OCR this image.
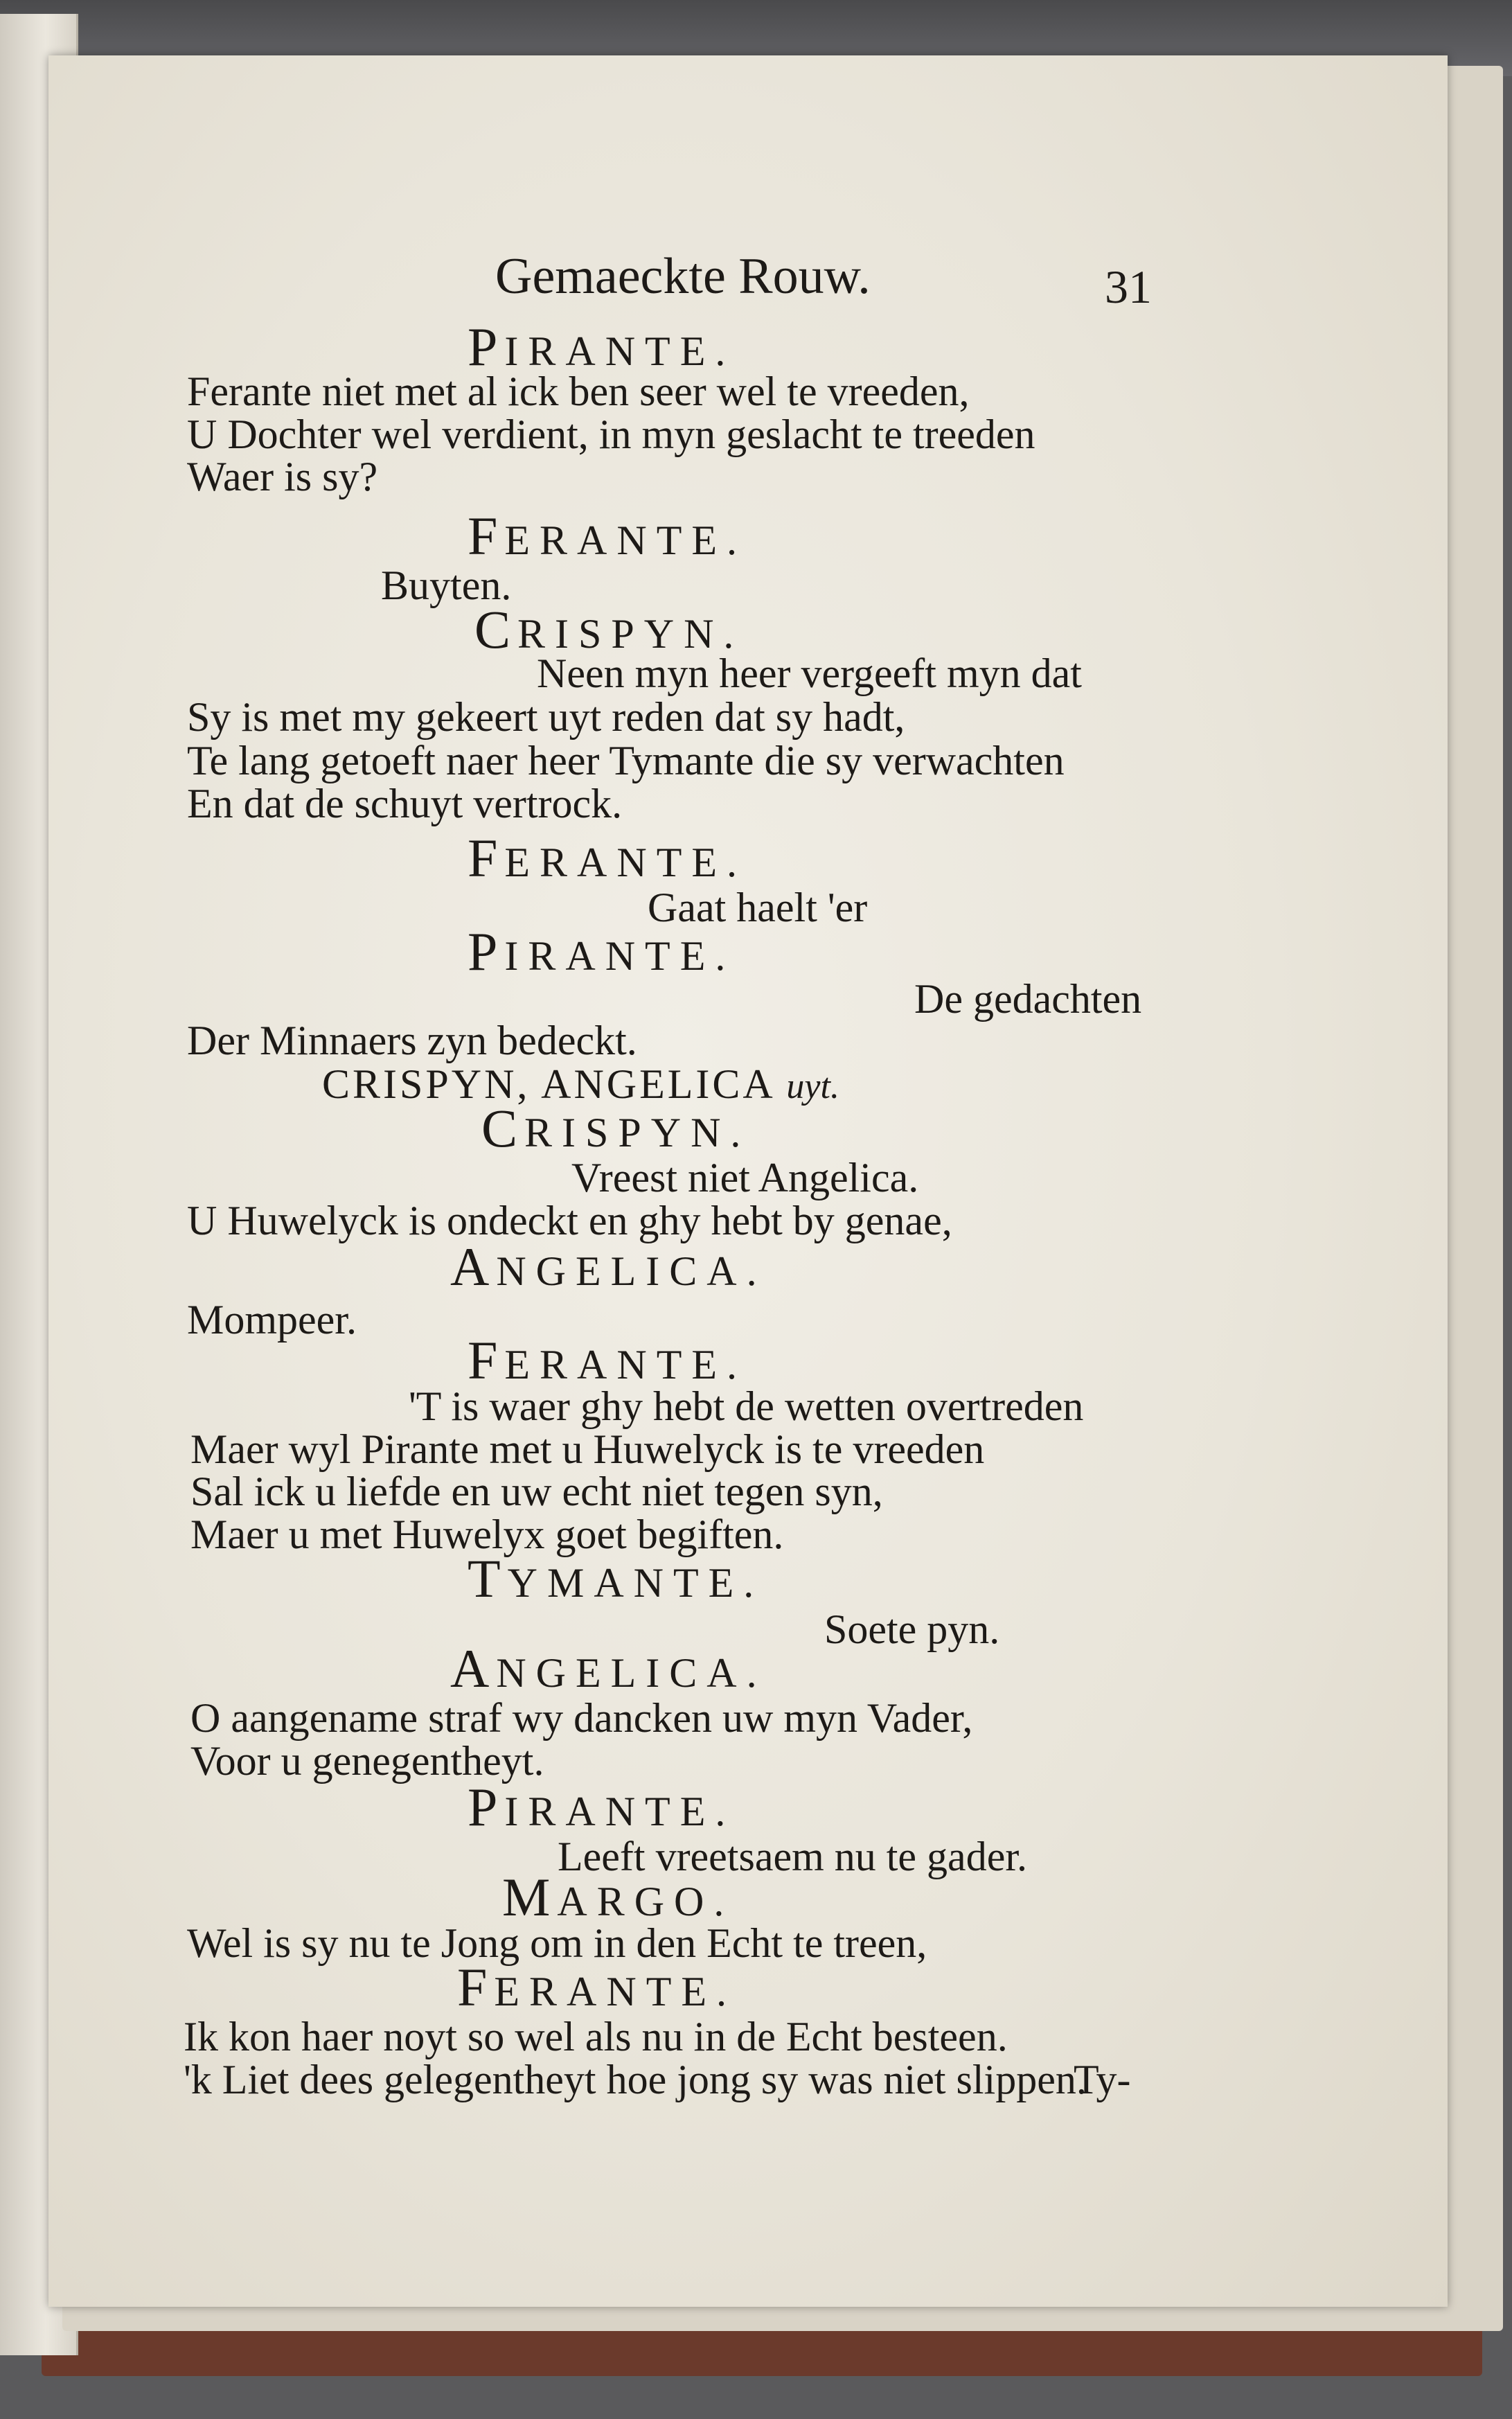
Gemaeckte Rouw.	31
PIRANTE.
Ferante niet met al ick ben seer wel te vreeden,
U Dochter wel verdient, in myn geslacht te treeden
Waer is sy?
FERANTE.
Buyten.
CRISPYN.
Neen myn heer vergeeft myn dat
Sy is met my gekeert uyt reden dat sy hadt,
Te lang getoeft naer heer Tymante die sy verwachten
En dat de schuyt vertrock.
FERANTE.
Gaat haelt 'er
PIRANTE.
De gedachten
Der Minnaers zyn bedeckt.
CRISPYN, ANGELICA uyt.
CRISPYN.
Vreest niet Angelica.
U Huwelyck is ondeckt en ghy hebt by genae,
ANGELICA.
Mompeer.
FERANTE.
'T is waer ghy hebt de wetten overtreden
Maer wyl Pirante met u Huwelyck is te vreeden
Sal ick u liefde en uw echt niet tegen syn,
Maer u met Huwelyx goet begiften.
TYMANTE.
Soete pyn.
ANGELICA.
O aangename straf wy dancken uw myn Vader,
Voor u genegentheyt.
PIRANTE.
Leeft vreetsaem nu te gader.
MARGO.
Wel is sy nu te Jong om in den Echt te treen,
FERANTE.
Ik kon haer noyt so wel als nu in de Echt besteen.
'k Liet dees gelegentheyt hoe jong sy was niet slippen.
Ty-
